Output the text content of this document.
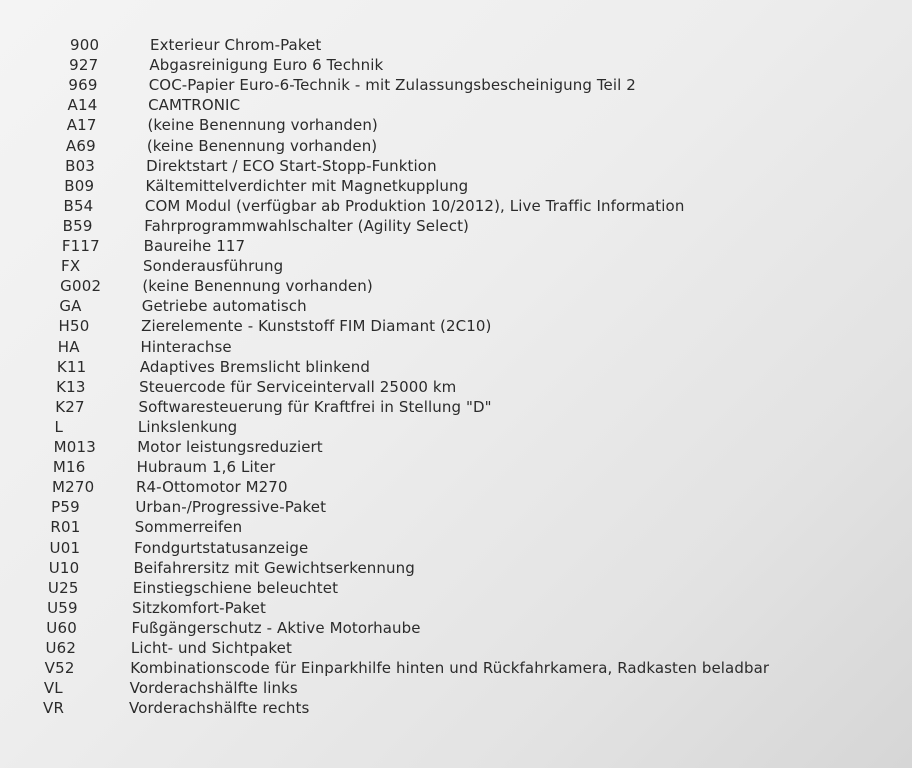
900	Exterieur Chrom-Paket
927	Abgasreinigung Euro 6 Technik
969	COC-Papier Euro-6-Technik - mit Zulassungsbescheinigung Teil 2
A14	CAMTRONIC
A17	(keine Benennung vorhanden)
A69	(keine Benennung vorhanden)
B03	Direktstart / ECO Start-Stopp-Funktion
B09	Kältemittelverdichter mit Magnetkupplung
B54	COM Modul (verfügbar ab Produktion 10/2012), Live Traffic Information
B59	Fahrprogrammwahlschalter (Agility Select)
F117	Baureihe 117
FX	Sonderausführung
G002	(keine Benennung vorhanden)
GA	Getriebe automatisch
H50	Zierelemente - Kunststoff FIM Diamant (2C10)
HA	Hinterachse
K11	Adaptives Bremslicht blinkend
K13	Steuercode für Serviceintervall 25000 km
K27	Softwaresteuerung für Kraftfrei in Stellung "D"
L	Linkslenkung
M013	Motor leistungsreduziert
M16	Hubraum 1,6 Liter
M270	R4-Ottomotor M270
P59	Urban-/Progressive-Paket
R01	Sommerreifen
U01	Fondgurtstatusanzeige
U10	Beifahrersitz mit Gewichtserkennung
U25	Einstiegschiene beleuchtet
U59	Sitzkomfort-Paket
U60	Fußgängerschutz - Aktive Motorhaube
U62	Licht- und Sichtpaket
V52	Kombinationscode für Einparkhilfe hinten und Rückfahrkamera, Radkasten beladbar
VL	Vorderachshälfte links
VR	Vorderachshälfte rechts
